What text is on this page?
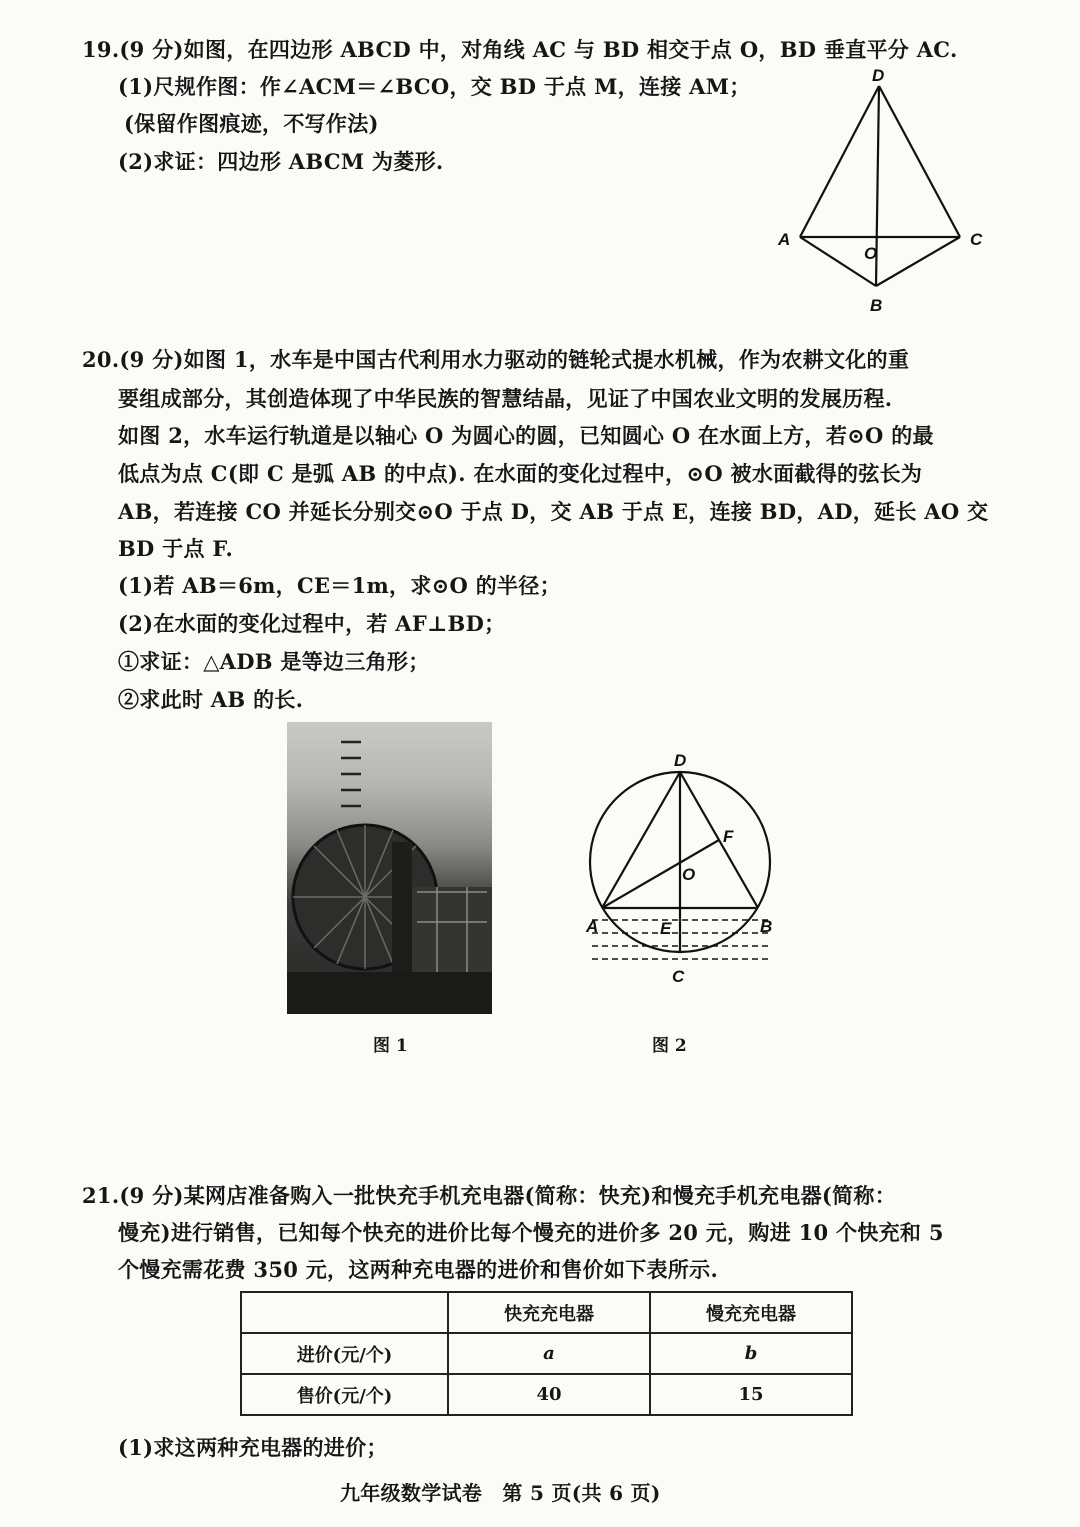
19.(9 分)如图，在四边形 ABCD 中，对角线 AC 与 BD 相交于点 O，BD 垂直平分 AC.
(1)尺规作图：作∠ACM＝∠BCO，交 BD 于点 M，连接 AM；
(保留作图痕迹，不写作法)
(2)求证：四边形 ABCM 为菱形.
D
A
O
C
B
20.(9 分)如图 1，水车是中国古代利用水力驱动的链轮式提水机械，作为农耕文化的重
要组成部分，其创造体现了中华民族的智慧结晶，见证了中国农业文明的发展历程.
如图 2，水车运行轨道是以轴心 O 为圆心的圆，已知圆心 O 在水面上方，若⊙O 的最
低点为点 C(即 C 是弧 AB 的中点). 在水面的变化过程中，⊙O 被水面截得的弦长为
AB，若连接 CO 并延长分别交⊙O 于点 D，交 AB 于点 E，连接 BD，AD，延长 AO 交
BD 于点 F.
(1)若 AB＝6m，CE＝1m，求⊙O 的半径；
(2)在水面的变化过程中，若 AF⊥BD；
①求证：△ADB 是等边三角形；
②求此时 AB 的长.
图 1
D
F
O
A	E	B
C
图 2
21.(9 分)某网店准备购入一批快充手机充电器(简称：快充)和慢充手机充电器(简称：
慢充)进行销售，已知每个快充的进价比每个慢充的进价多 20 元，购进 10 个快充和 5
个慢充需花费 350 元，这两种充电器的进价和售价如下表所示.
	快充充电器	慢充充电器
进价(元/个)	a	b
售价(元/个)	40	15
(1)求这两种充电器的进价；
九年级数学试卷　第 5 页(共 6 页)
